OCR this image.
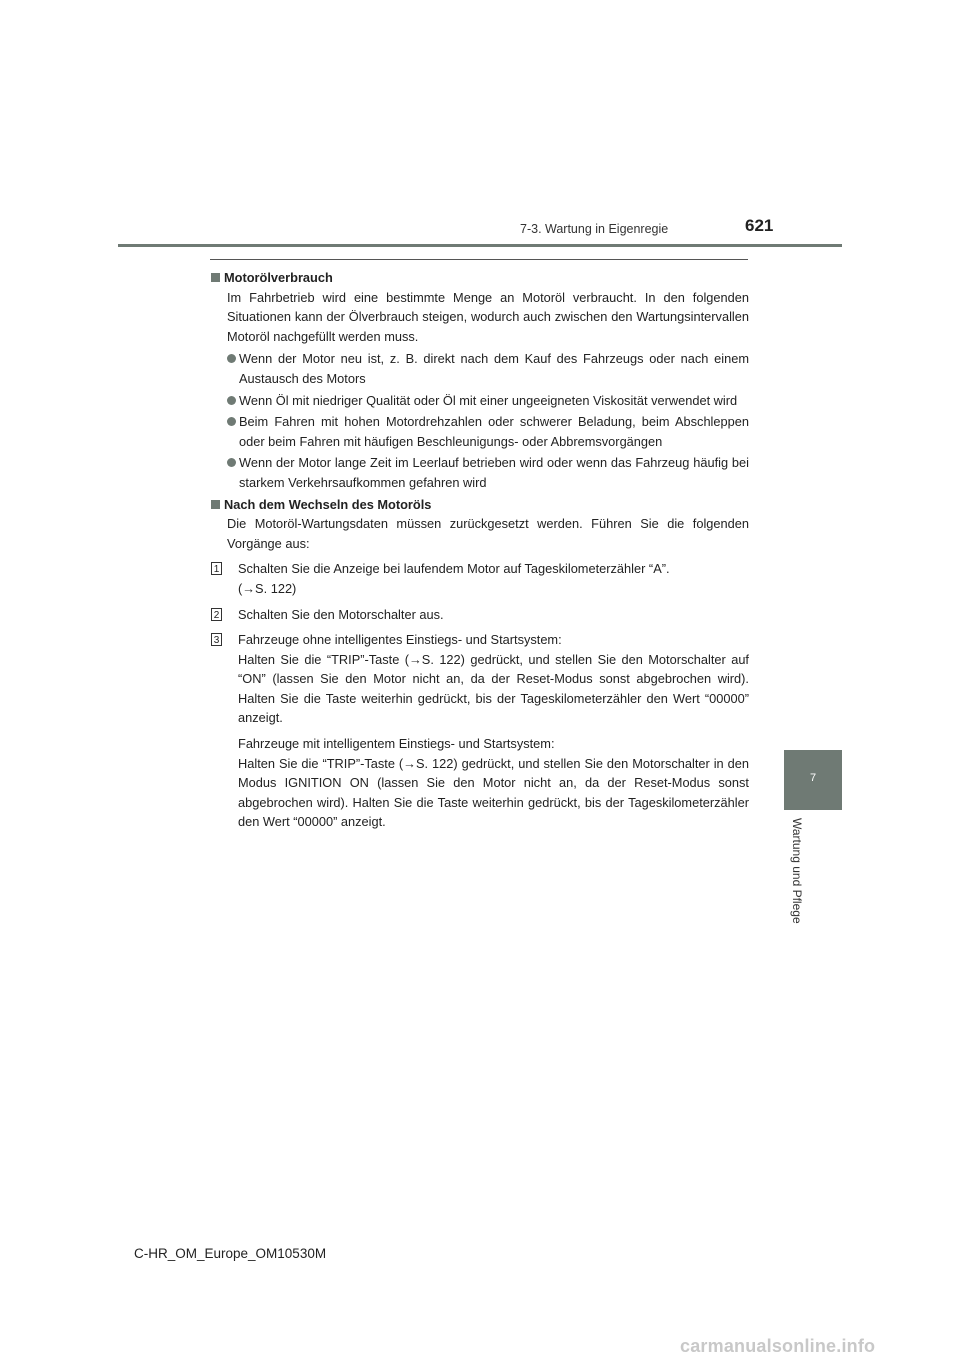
7-3. Wartung in Eigenregie	621
7
Wartung und Pflege

Motorölverbrauch

Im Fahrbetrieb wird eine bestimmte Menge an Motoröl verbraucht. In den folgenden Situationen kann der Ölverbrauch steigen, wodurch auch zwischen den Wartungsintervallen Motoröl nachgefüllt werden muss.

Wenn der Motor neu ist, z. B. direkt nach dem Kauf des Fahrzeugs oder nach einem Austausch des Motors
Wenn Öl mit niedriger Qualität oder Öl mit einer ungeeigneten Viskosität verwendet wird
Beim Fahren mit hohen Motordrehzahlen oder schwerer Beladung, beim Abschleppen oder beim Fahren mit häufigen Beschleunigungs- oder Abbremsvorgängen
Wenn der Motor lange Zeit im Leerlauf betrieben wird oder wenn das Fahrzeug häufig bei starkem Verkehrsaufkommen gefahren wird

Nach dem Wechseln des Motoröls

Die Motoröl-Wartungsdaten müssen zurückgesetzt werden. Führen Sie die folgenden Vorgänge aus:

1 Schalten Sie die Anzeige bei laufendem Motor auf Tageskilometerzähler “A”.
(→S. 122)
2 Schalten Sie den Motorschalter aus.
3 Fahrzeuge ohne intelligentes Einstiegs- und Startsystem:
Halten Sie die “TRIP”-Taste (→S. 122) gedrückt, und stellen Sie den Motorschalter auf “ON” (lassen Sie den Motor nicht an, da der Reset-Modus sonst abgebrochen wird). Halten Sie die Taste weiterhin gedrückt, bis der Tageskilometerzähler den Wert “00000” anzeigt.
Fahrzeuge mit intelligentem Einstiegs- und Startsystem:
Halten Sie die “TRIP”-Taste (→S. 122) gedrückt, und stellen Sie den Motorschalter in den Modus IGNITION ON (lassen Sie den Motor nicht an, da der Reset-Modus sonst abgebrochen wird). Halten Sie die Taste weiterhin gedrückt, bis der Tageskilometerzähler den Wert “00000” anzeigt.
C-HR_OM_Europe_OM10530M
carmanualsonline.info
